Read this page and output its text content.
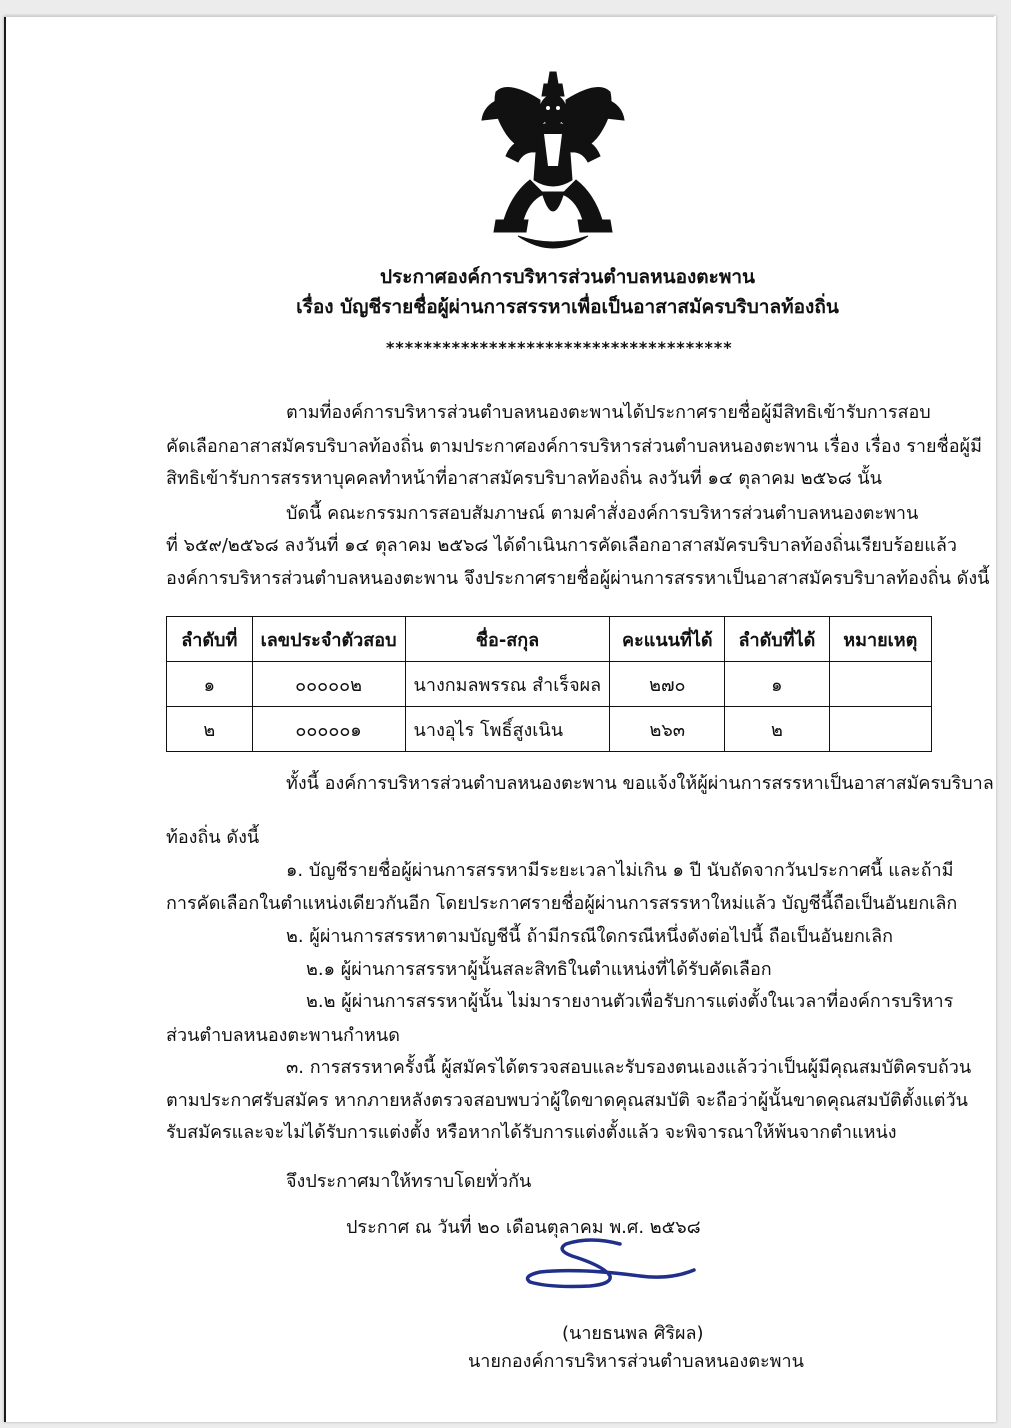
ประกาศองค์การบริหารส่วนตำบลหนองตะพาน
เรื่อง บัญชีรายชื่อผู้ผ่านการสรรหาเพื่อเป็นอาสาสมัครบริบาลท้องถิ่น
*************************************
ตามที่องค์การบริหารส่วนตำบลหนองตะพานได้ประกาศรายชื่อผู้มีสิทธิเข้ารับการสอบ
คัดเลือกอาสาสมัครบริบาลท้องถิ่น ตามประกาศองค์การบริหารส่วนตำบลหนองตะพาน เรื่อง เรื่อง รายชื่อผู้มี
สิทธิเข้ารับการสรรหาบุคคลทำหน้าที่อาสาสมัครบริบาลท้องถิ่น ลงวันที่ ๑๔ ตุลาคม ๒๕๖๘ นั้น
บัดนี้ คณะกรรมการสอบสัมภาษณ์ ตามคำสั่งองค์การบริหารส่วนตำบลหนองตะพาน
ที่ ๖๕๙/๒๕๖๘ ลงวันที่ ๑๔ ตุลาคม ๒๕๖๘ ได้ดำเนินการคัดเลือกอาสาสมัครบริบาลท้องถิ่นเรียบร้อยแล้ว
องค์การบริหารส่วนตำบลหนองตะพาน จึงประกาศรายชื่อผู้ผ่านการสรรหาเป็นอาสาสมัครบริบาลท้องถิ่น ดังนี้
ลำดับที่	เลขประจำตัวสอบ	ชื่อ-สกุล	คะแนนที่ได้	ลำดับที่ได้	หมายเหตุ
๑	๐๐๐๐๐๒	นางกมลพรรณ สำเร็จผล	๒๗๐	๑	
๒	๐๐๐๐๐๑	นางอุไร โพธิ์สูงเนิน	๒๖๓	๒	
ทั้งนี้ องค์การบริหารส่วนตำบลหนองตะพาน ขอแจ้งให้ผู้ผ่านการสรรหาเป็นอาสาสมัครบริบาล
ท้องถิ่น ดังนี้
๑. บัญชีรายชื่อผู้ผ่านการสรรหามีระยะเวลาไม่เกิน ๑ ปี นับถัดจากวันประกาศนี้ และถ้ามี
การคัดเลือกในตำแหน่งเดียวกันอีก โดยประกาศรายชื่อผู้ผ่านการสรรหาใหม่แล้ว บัญชีนี้ถือเป็นอันยกเลิก
๒. ผู้ผ่านการสรรหาตามบัญชีนี้ ถ้ามีกรณีใดกรณีหนึ่งดังต่อไปนี้ ถือเป็นอันยกเลิก
๒.๑ ผู้ผ่านการสรรหาผู้นั้นสละสิทธิในตำแหน่งที่ได้รับคัดเลือก
๒.๒ ผู้ผ่านการสรรหาผู้นั้น ไม่มารายงานตัวเพื่อรับการแต่งตั้งในเวลาที่องค์การบริหาร
ส่วนตำบลหนองตะพานกำหนด
๓. การสรรหาครั้งนี้ ผู้สมัครได้ตรวจสอบและรับรองตนเองแล้วว่าเป็นผู้มีคุณสมบัติครบถ้วน
ตามประกาศรับสมัคร หากภายหลังตรวจสอบพบว่าผู้ใดขาดคุณสมบัติ จะถือว่าผู้นั้นขาดคุณสมบัติตั้งแต่วัน
รับสมัครและจะไม่ได้รับการแต่งตั้ง หรือหากได้รับการแต่งตั้งแล้ว จะพิจารณาให้พ้นจากตำแหน่ง
จึงประกาศมาให้ทราบโดยทั่วกัน
ประกาศ ณ วันที่ ๒๐ เดือนตุลาคม พ.ศ. ๒๕๖๘
(นายธนพล ศิริผล)
นายกองค์การบริหารส่วนตำบลหนองตะพาน
